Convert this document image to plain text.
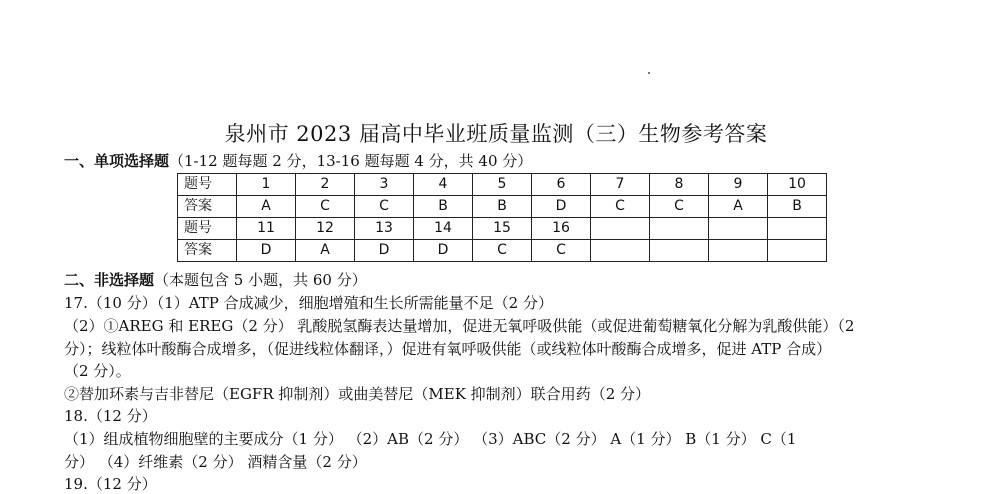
泉州市 2023 届高中毕业班质量监测（三）生物参考答案
一、单项选择题（1-12 题每题 2 分，13-16 题每题 4 分，共 40 分）
题号	1	2	3	4	5	6	7	8	9	10
答案	A	C	C	B	B	D	C	C	A	B
题号	11	12	13	14	15	16				
答案	D	A	D	D	C	C				
二、非选择题（本题包含 5 小题，共 60 分）
17.（10 分）（1）ATP 合成减少，细胞增殖和生长所需能量不足（2 分）
（2）①AREG 和 EREG（2 分） 乳酸脱氢酶表达量增加，促进无氧呼吸供能（或促进葡萄糖氧化分解为乳酸供能）（2
分）；线粒体叶酸酶合成增多，（促进线粒体翻译，）促进有氧呼吸供能（或线粒体叶酸酶合成增多，促进 ATP 合成）
（2 分）。
②替加环素与吉非替尼（EGFR 抑制剂）或曲美替尼（MEK 抑制剂）联合用药（2 分）
18.（12 分）
（1）组成植物细胞壁的主要成分（1 分） （2）AB（2 分） （3）ABC（2 分） A（1 分） B（1 分） C（1
分） （4）纤维素（2 分） 酒精含量（2 分）
19.（12 分）
